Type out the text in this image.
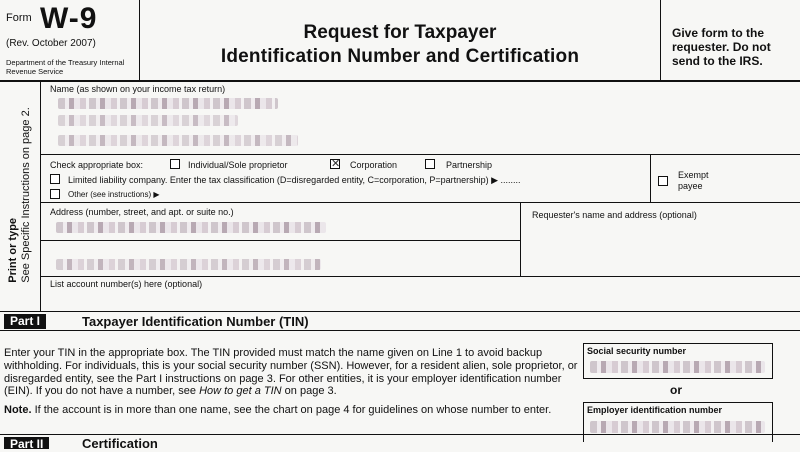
Form W-9
(Rev. October 2007)
Department of the Treasury Internal Revenue Service
Request for Taxpayer
Identification Number and Certification
Give form to the requester. Do not send to the IRS.
Print or type See Specific Instructions on page 2.
Name (as shown on your income tax return)
Check appropriate box:	Individual/Sole proprietor
✕	Corporation	Partnership
Limited liability company. Enter the tax classification (D=disregarded entity, C=corporation, P=partnership) ▶ ........
Other (see instructions) ▶
Exempt
payee
Address (number, street, and apt. or suite no.)	Requester's name and address (optional)
List account number(s) here (optional)
Part I	Taxpayer Identification Number (TIN)
Enter your TIN in the appropriate box. The TIN provided must match the name given on Line 1 to avoid backup withholding. For individuals, this is your social security number (SSN). However, for a resident alien, sole proprietor, or disregarded entity, see the Part I instructions on page 3. For other entities, it is your employer identification number (EIN). If you do not have a number, see How to get a TIN on page 3.
Note. If the account is in more than one name, see the chart on page 4 for guidelines on whose number to enter.
Social security number
or
Employer identification number
Part II	Certification
